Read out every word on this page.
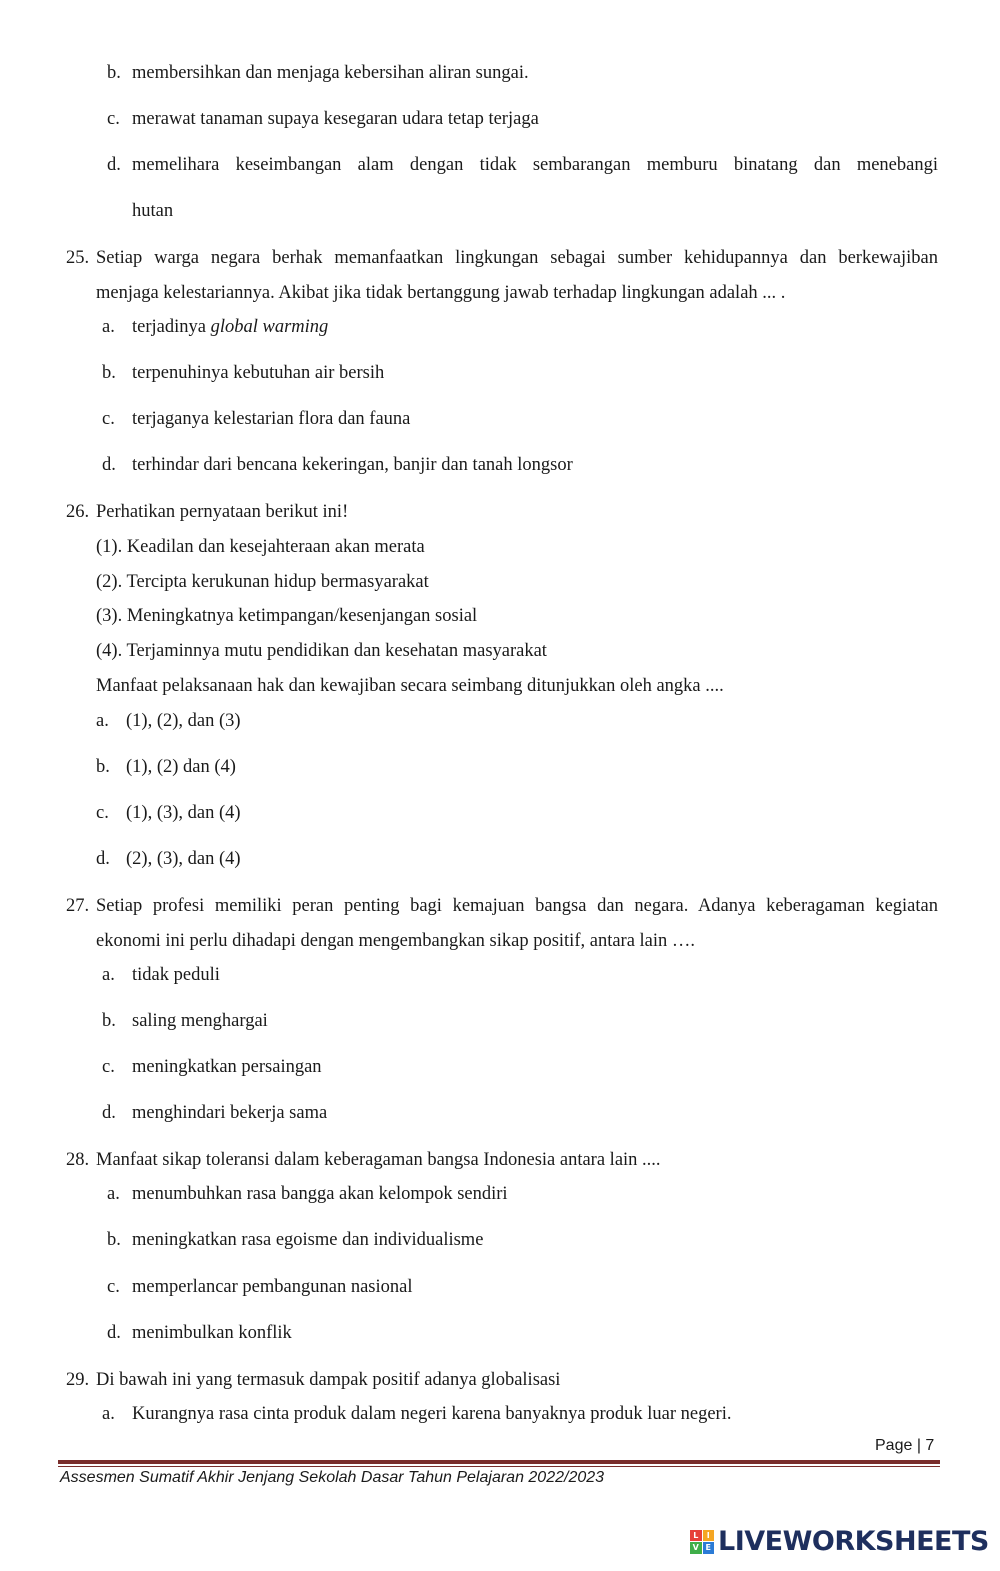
b. membersihkan dan menjaga kebersihan aliran sungai.
c. merawat tanaman supaya kesegaran udara tetap terjaga
d. memelihara keseimbangan alam dengan tidak sembarangan memburu binatang dan menebangi
hutan
25. Setiap warga negara berhak memanfaatkan lingkungan sebagai sumber kehidupannya dan berkewajiban
menjaga kelestariannya. Akibat jika tidak bertanggung jawab terhadap lingkungan adalah ... .
a. terjadinya global warming
b. terpenuhinya kebutuhan air bersih
c. terjaganya kelestarian flora dan fauna
d. terhindar dari bencana kekeringan, banjir dan tanah longsor
26. Perhatikan pernyataan berikut ini!
(1). Keadilan dan kesejahteraan akan merata
(2). Tercipta kerukunan hidup bermasyarakat
(3). Meningkatnya ketimpangan/kesenjangan sosial
(4). Terjaminnya mutu pendidikan dan kesehatan masyarakat
Manfaat pelaksanaan hak dan kewajiban secara seimbang ditunjukkan oleh angka ....
a. (1), (2), dan (3)
b. (1), (2) dan (4)
c. (1), (3), dan (4)
d. (2), (3), dan (4)
27. Setiap profesi memiliki peran penting bagi kemajuan bangsa dan negara. Adanya keberagaman kegiatan
ekonomi ini perlu dihadapi dengan mengembangkan sikap positif, antara lain ….
a. tidak peduli
b. saling menghargai
c. meningkatkan persaingan
d. menghindari bekerja sama
28. Manfaat sikap toleransi dalam keberagaman bangsa Indonesia antara lain ....
a. menumbuhkan rasa bangga akan kelompok sendiri
b. meningkatkan rasa egoisme dan individualisme
c. memperlancar pembangunan nasional
d. menimbulkan konflik
29. Di bawah ini yang termasuk dampak positif adanya globalisasi
a. Kurangnya rasa cinta produk dalam negeri karena banyaknya produk luar negeri.
Page | 7
Assesmen Sumatif Akhir Jenjang Sekolah Dasar Tahun Pelajaran 2022/2023
L	I
V E LIVEWORKSHEETS
